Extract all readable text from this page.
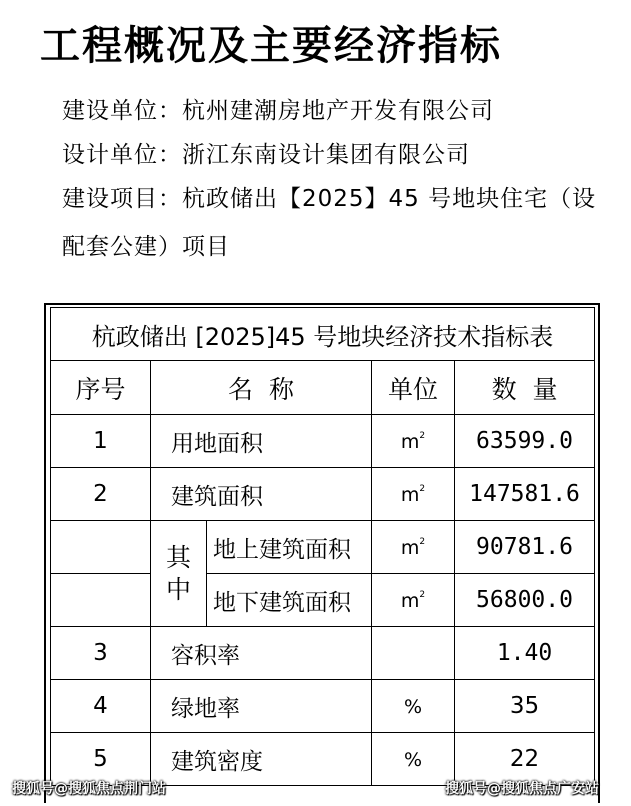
工程概况及主要经济指标
建设单位：杭州建潮房地产开发有限公司
设计单位：浙江东南设计集团有限公司
建设项目：杭政储出【2025】45 号地块住宅（设
配套公建）项目
杭政储出 [2025]45 号地块经济技术指标表				
序号	名  称		单位	数  量
1	用地面积		$m^2$	63599.0
2	建筑面积		$m^2$	147581.6
	其中	地上建筑面积	$m^2$	90781.6
		地下建筑面积	$m^2$	56800.0
3	容积率			1.40
4	绿地率		%	35
5	建筑密度		%	22
搜狐号@搜狐焦点荆门站	搜狐号@搜狐焦点广安站
